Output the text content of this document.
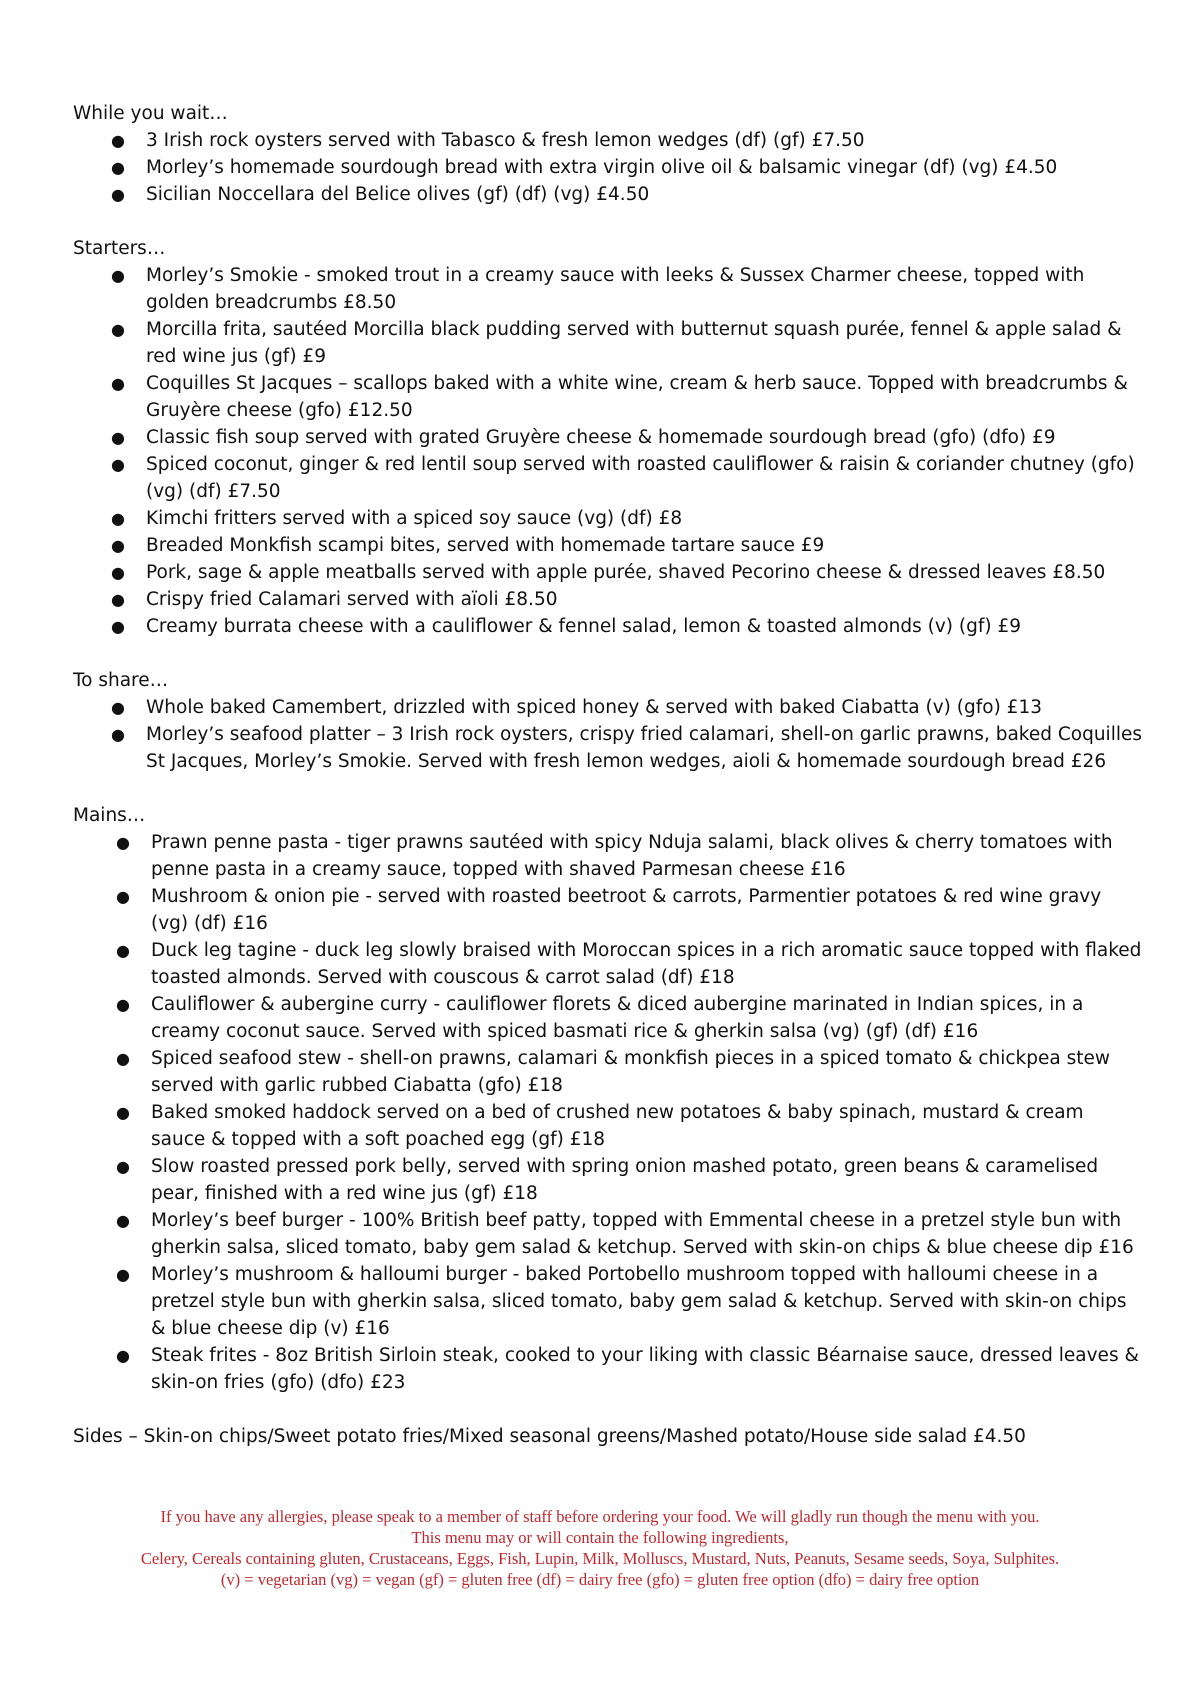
While you wait…

● 3 Irish rock oysters served with Tabasco & fresh lemon wedges (df) (gf) £7.50
● Morley’s homemade sourdough bread with extra virgin olive oil & balsamic vinegar (df) (vg) £4.50
● Sicilian Noccellara del Belice olives (gf) (df) (vg) £4.50

Starters…

● Morley’s Smokie - smoked trout in a creamy sauce with leeks & Sussex Charmer cheese, topped with golden breadcrumbs £8.50
● Morcilla frita, sautéed Morcilla black pudding served with butternut squash purée, fennel & apple salad & red wine jus (gf) £9
● Coquilles St Jacques – scallops baked with a white wine, cream & herb sauce. Topped with breadcrumbs & Gruyère cheese (gfo) £12.50
● Classic fish soup served with grated Gruyère cheese & homemade sourdough bread (gfo) (dfo) £9
● Spiced coconut, ginger & red lentil soup served with roasted cauliflower & raisin & coriander chutney (gfo) (vg) (df) £7.50
● Kimchi fritters served with a spiced soy sauce (vg) (df) £8
● Breaded Monkfish scampi bites, served with homemade tartare sauce £9
● Pork, sage & apple meatballs served with apple purée, shaved Pecorino cheese & dressed leaves £8.50
● Crispy fried Calamari served with aïoli £8.50
● Creamy burrata cheese with a cauliflower & fennel salad, lemon & toasted almonds (v) (gf) £9

To share…

● Whole baked Camembert, drizzled with spiced honey & served with baked Ciabatta (v) (gfo) £13
● Morley’s seafood platter – 3 Irish rock oysters, crispy fried calamari, shell-on garlic prawns, baked Coquilles St Jacques, Morley’s Smokie. Served with fresh lemon wedges, aioli & homemade sourdough bread £26

Mains…

● Prawn penne pasta - tiger prawns sautéed with spicy Nduja salami, black olives & cherry tomatoes with penne pasta in a creamy sauce, topped with shaved Parmesan cheese £16
● Mushroom & onion pie - served with roasted beetroot & carrots, Parmentier potatoes & red wine gravy (vg) (df) £16
● Duck leg tagine - duck leg slowly braised with Moroccan spices in a rich aromatic sauce topped with flaked toasted almonds. Served with couscous & carrot salad (df) £18
● Cauliflower & aubergine curry - cauliflower florets & diced aubergine marinated in Indian spices, in a creamy coconut sauce. Served with spiced basmati rice & gherkin salsa (vg) (gf) (df) £16
● Spiced seafood stew - shell-on prawns, calamari & monkfish pieces in a spiced tomato & chickpea stew served with garlic rubbed Ciabatta (gfo) £18
● Baked smoked haddock served on a bed of crushed new potatoes & baby spinach, mustard & cream sauce & topped with a soft poached egg (gf) £18
● Slow roasted pressed pork belly, served with spring onion mashed potato, green beans & caramelised pear, finished with a red wine jus (gf) £18
● Morley’s beef burger - 100% British beef patty, topped with Emmental cheese in a pretzel style bun with gherkin salsa, sliced tomato, baby gem salad & ketchup. Served with skin-on chips & blue cheese dip £16
● Morley’s mushroom & halloumi burger - baked Portobello mushroom topped with halloumi cheese in a pretzel style bun with gherkin salsa, sliced tomato, baby gem salad & ketchup. Served with skin-on chips & blue cheese dip (v) £16
● Steak frites - 8oz British Sirloin steak, cooked to your liking with classic Béarnaise sauce, dressed leaves & skin-on fries (gfo) (dfo) £23

Sides – Skin-on chips/Sweet potato fries/Mixed seasonal greens/Mashed potato/House side salad £4.50

If you have any allergies, please speak to a member of staff before ordering your food. We will gladly run though the menu with you.
This menu may or will contain the following ingredients,
Celery, Cereals containing gluten, Crustaceans, Eggs, Fish, Lupin, Milk, Molluscs, Mustard, Nuts, Peanuts, Sesame seeds, Soya, Sulphites.
(v) = vegetarian (vg) = vegan (gf) = gluten free (df) = dairy free (gfo) = gluten free option (dfo) = dairy free option
